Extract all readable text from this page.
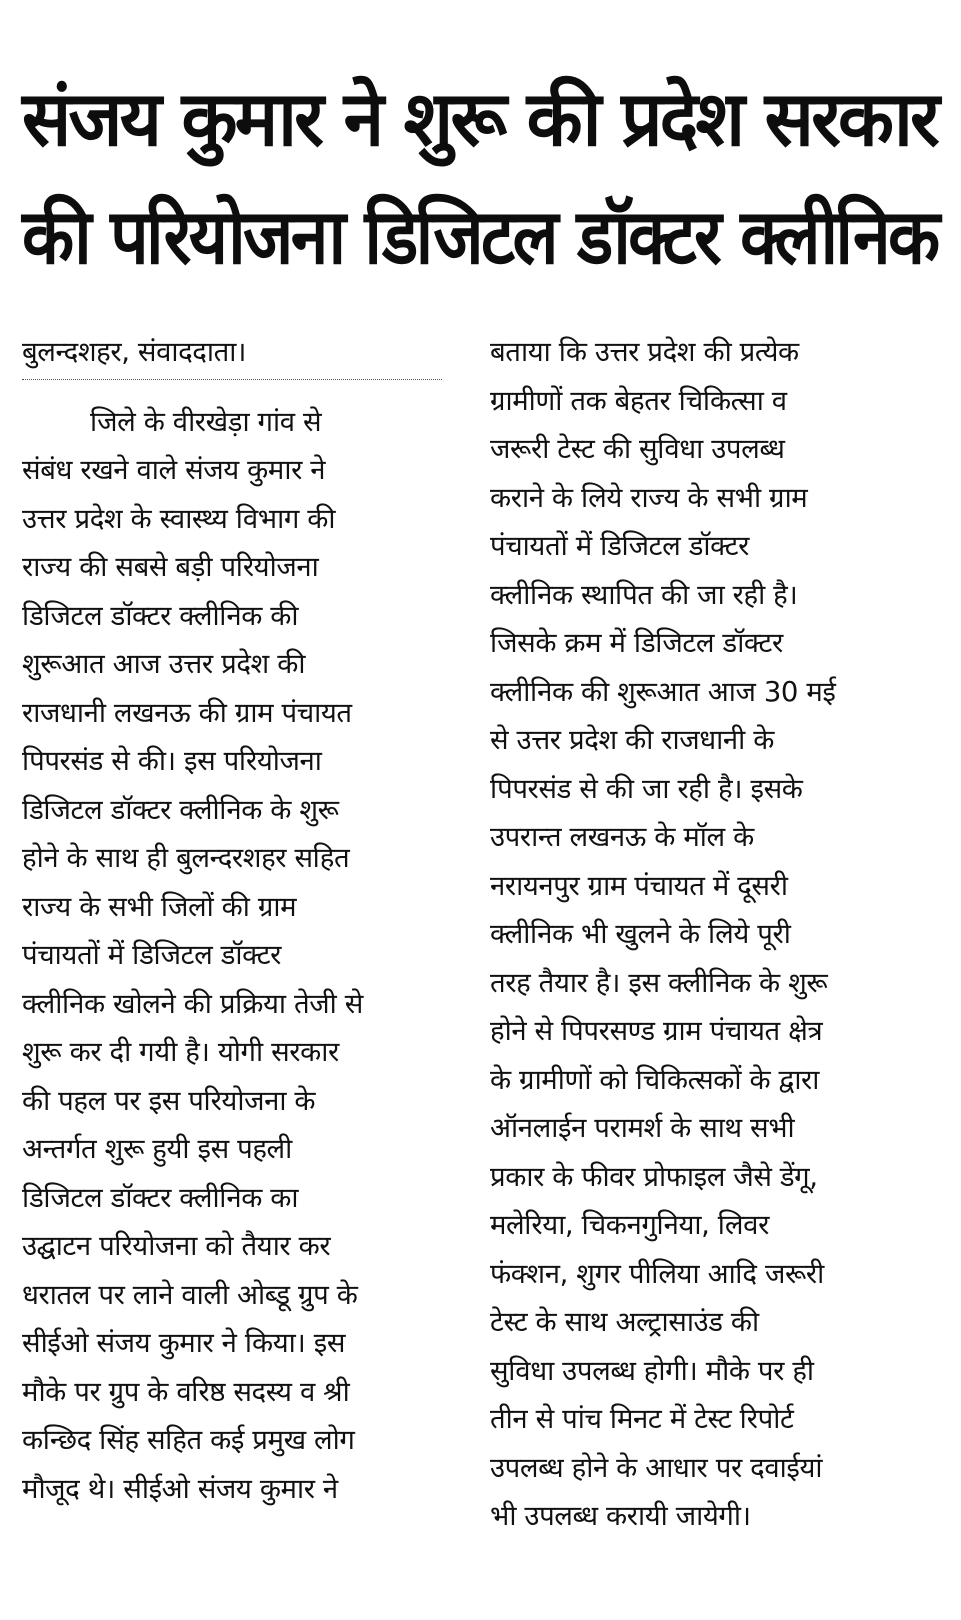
संजय कुमार ने शुरू की प्रदेश सरकार
की परियोजना डिजिटल डॉक्टर क्लीनिक
बुलन्दशहर, संवाददाता।
जिले के वीरखेड़ा गांव से
संबंध रखने वाले संजय कुमार ने
उत्तर प्रदेश के स्वास्थ्य विभाग की
राज्य की सबसे बड़ी परियोजना
डिजिटल डॉक्टर क्लीनिक की
शुरूआत आज उत्तर प्रदेश की
राजधानी लखनऊ की ग्राम पंचायत
पिपरसंड से की। इस परियोजना
डिजिटल डॉक्टर क्लीनिक के शुरू
होने के साथ ही बुलन्दरशहर सहित
राज्य के सभी जिलों की ग्राम
पंचायतों में डिजिटल डॉक्टर
क्लीनिक खोलने की प्रक्रिया तेजी से
शुरू कर दी गयी है। योगी सरकार
की पहल पर इस परियोजना के
अन्तर्गत शुरू हुयी इस पहली
डिजिटल डॉक्टर क्लीनिक का
उद्घाटन परियोजना को तैयार कर
धरातल पर लाने वाली ओब्डू ग्रुप के
सीईओ संजय कुमार ने किया। इस
मौके पर ग्रुप के वरिष्ठ सदस्य व श्री
कन्छिद सिंह सहित कई प्रमुख लोग
मौजूद थे। सीईओ संजय कुमार ने
बताया कि उत्तर प्रदेश की प्रत्येक
ग्रामीणों तक बेहतर चिकित्सा व
जरूरी टेस्ट की सुविधा उपलब्ध
कराने के लिये राज्य के सभी ग्राम
पंचायतों में डिजिटल डॉक्टर
क्लीनिक स्थापित की जा रही है।
जिसके क्रम में डिजिटल डॉक्टर
क्लीनिक की शुरूआत आज 30 मई
से उत्तर प्रदेश की राजधानी के
पिपरसंड से की जा रही है। इसके
उपरान्त लखनऊ के मॉल के
नरायनपुर ग्राम पंचायत में दूसरी
क्लीनिक भी खुलने के लिये पूरी
तरह तैयार है। इस क्लीनिक के शुरू
होने से पिपरसण्ड ग्राम पंचायत क्षेत्र
के ग्रामीणों को चिकित्सकों के द्वारा
ऑनलाईन परामर्श के साथ सभी
प्रकार के फीवर प्रोफाइल जैसे डेंगू,
मलेरिया, चिकनगुनिया, लिवर
फंक्शन, शुगर पीलिया आदि जरूरी
टेस्ट के साथ अल्ट्रासाउंड की
सुविधा उपलब्ध होगी। मौके पर ही
तीन से पांच मिनट में टेस्ट रिपोर्ट
उपलब्ध होने के आधार पर दवाईयां
भी उपलब्ध करायी जायेगी।
